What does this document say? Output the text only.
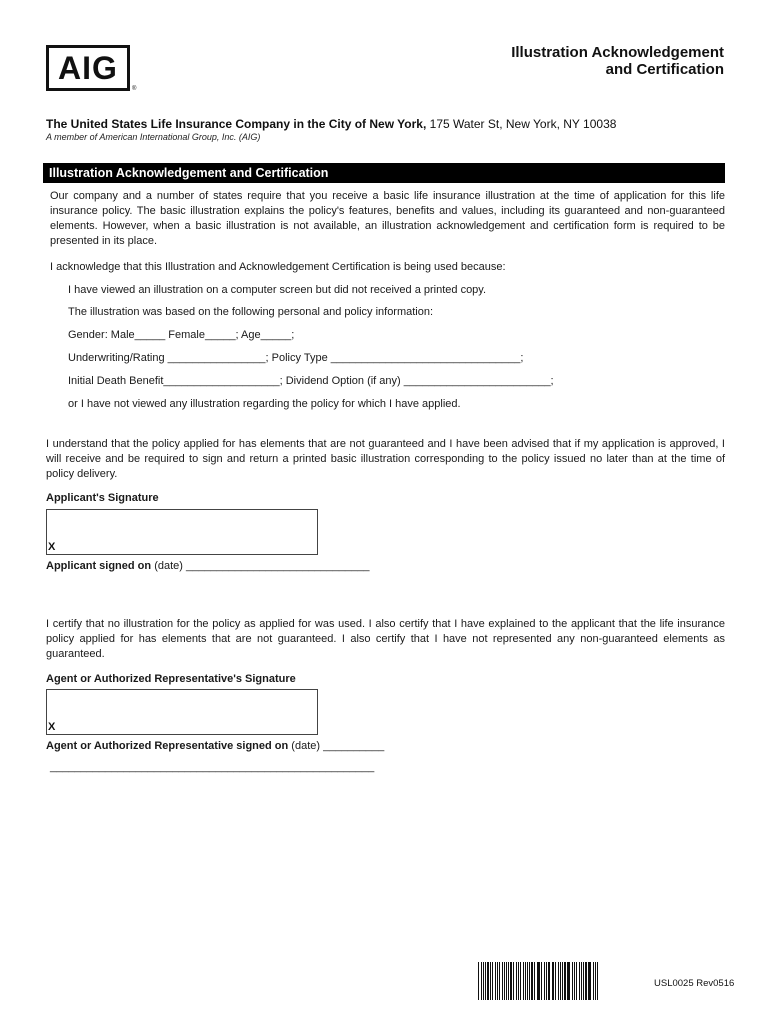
AIG
®
Illustration Acknowledgement
and Certification
The United States Life Insurance Company in the City of New York, 175 Water St, New York, NY 10038
A member of American International Group, Inc. (AIG)
Illustration Acknowledgement and Certification
Our company and a number of states require that you receive a basic life insurance illustration at the time of application for this life insurance policy. The basic illustration explains the policy's features, benefits and values, including its guaranteed and non-guaranteed elements. However, when a basic illustration is not available, an illustration acknowledgement and certification form is required to be presented in its place.
I acknowledge that this Illustration and Acknowledgement Certification is being used because:
I have viewed an illustration on a computer screen but did not received a printed copy.
The illustration was based on the following personal and policy information:
Gender: Male_____ Female_____; Age_____;
Underwriting/Rating ________________; Policy Type _______________________________;
Initial Death Benefit___________________; Dividend Option (if any) ________________________;
or I have not viewed any illustration regarding the policy for which I have applied.
I understand that the policy applied for has elements that are not guaranteed and I have been advised that if my application is approved, I will receive and be required to sign and return a printed basic illustration corresponding to the policy issued no later than at the time of policy delivery.
Applicant's Signature
X
Applicant signed on (date) ______________________________
I certify that no illustration for the policy as applied for was used. I also certify that I have explained to the applicant that the life insurance policy applied for has elements that are not guaranteed. I also certify that I have not represented any non-guaranteed elements as guaranteed.
Agent or Authorized Representative's Signature
X
Agent or Authorized Representative signed on (date) __________
_____________________________________________________
USL0025 Rev0516
